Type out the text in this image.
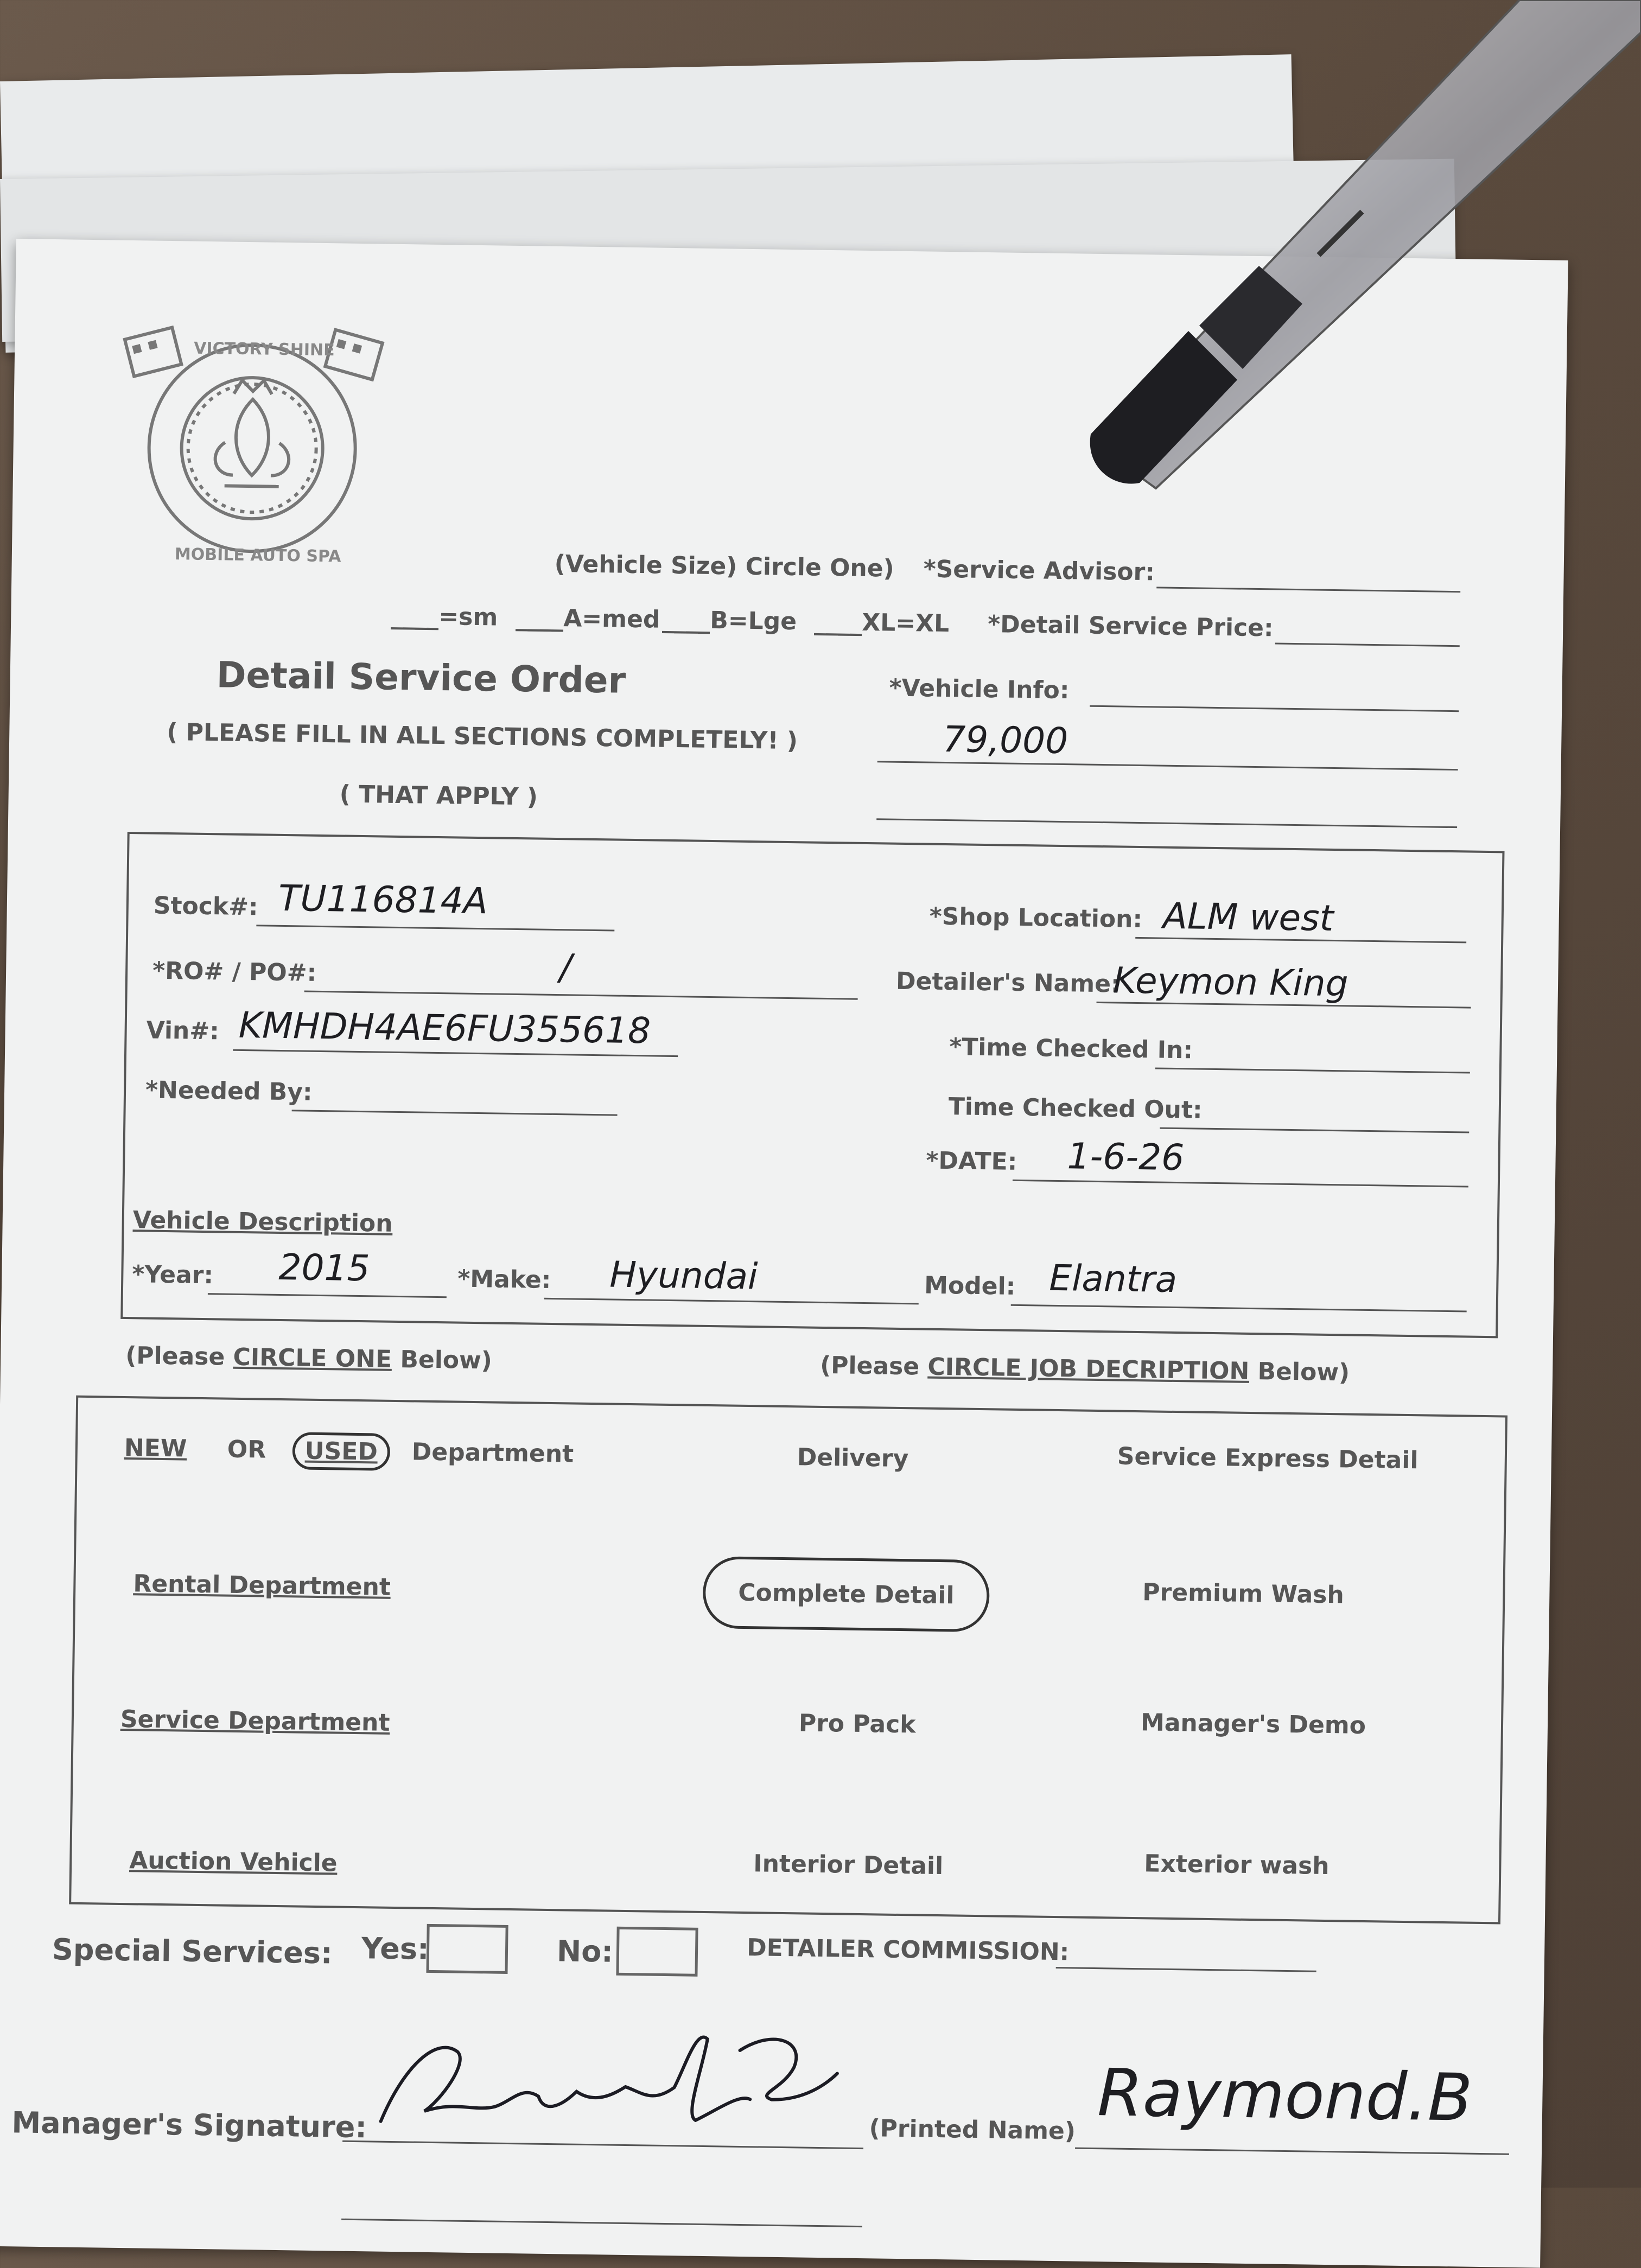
VICTORY SHINE
MOBILE AUTO SPA	(Vehicle Size) Circle One)
____=sm ____A=med ____B=Lge ____XL=XL
*Service Advisor:
*Detail Service Price:
Detail Service Order	*Vehicle Info:
( PLEASE FILL IN ALL SECTIONS COMPLETELY! )	79,000
( THAT APPLY )
Stock#: TU116814A	*Shop Location: ALM west
*RO# / PO#:	/	Detailer's Name:
Keymon King
Vin#: KMHDH4AE6FU355618	*Time Checked In:
*Needed By:
Time Checked Out:
*DATE: 1-6-26
Vehicle Description
*Year: 2015	*Make: Hyundai	Model: Elantra
(Please CIRCLE ONE Below)	(Please CIRCLE JOB DECRIPTION Below)
NEW OR	USED	Department	Delivery	Service Express Detail
Rental Department	Complete Detail	Premium Wash
Service Department	Pro Pack	Manager's Demo
Auction Vehicle	Interior Detail	Exterior wash
Special Services: Yes:	No:	DETAILER COMMISSION:
Manager's Signature:	(Printed Name) Raymond.B
